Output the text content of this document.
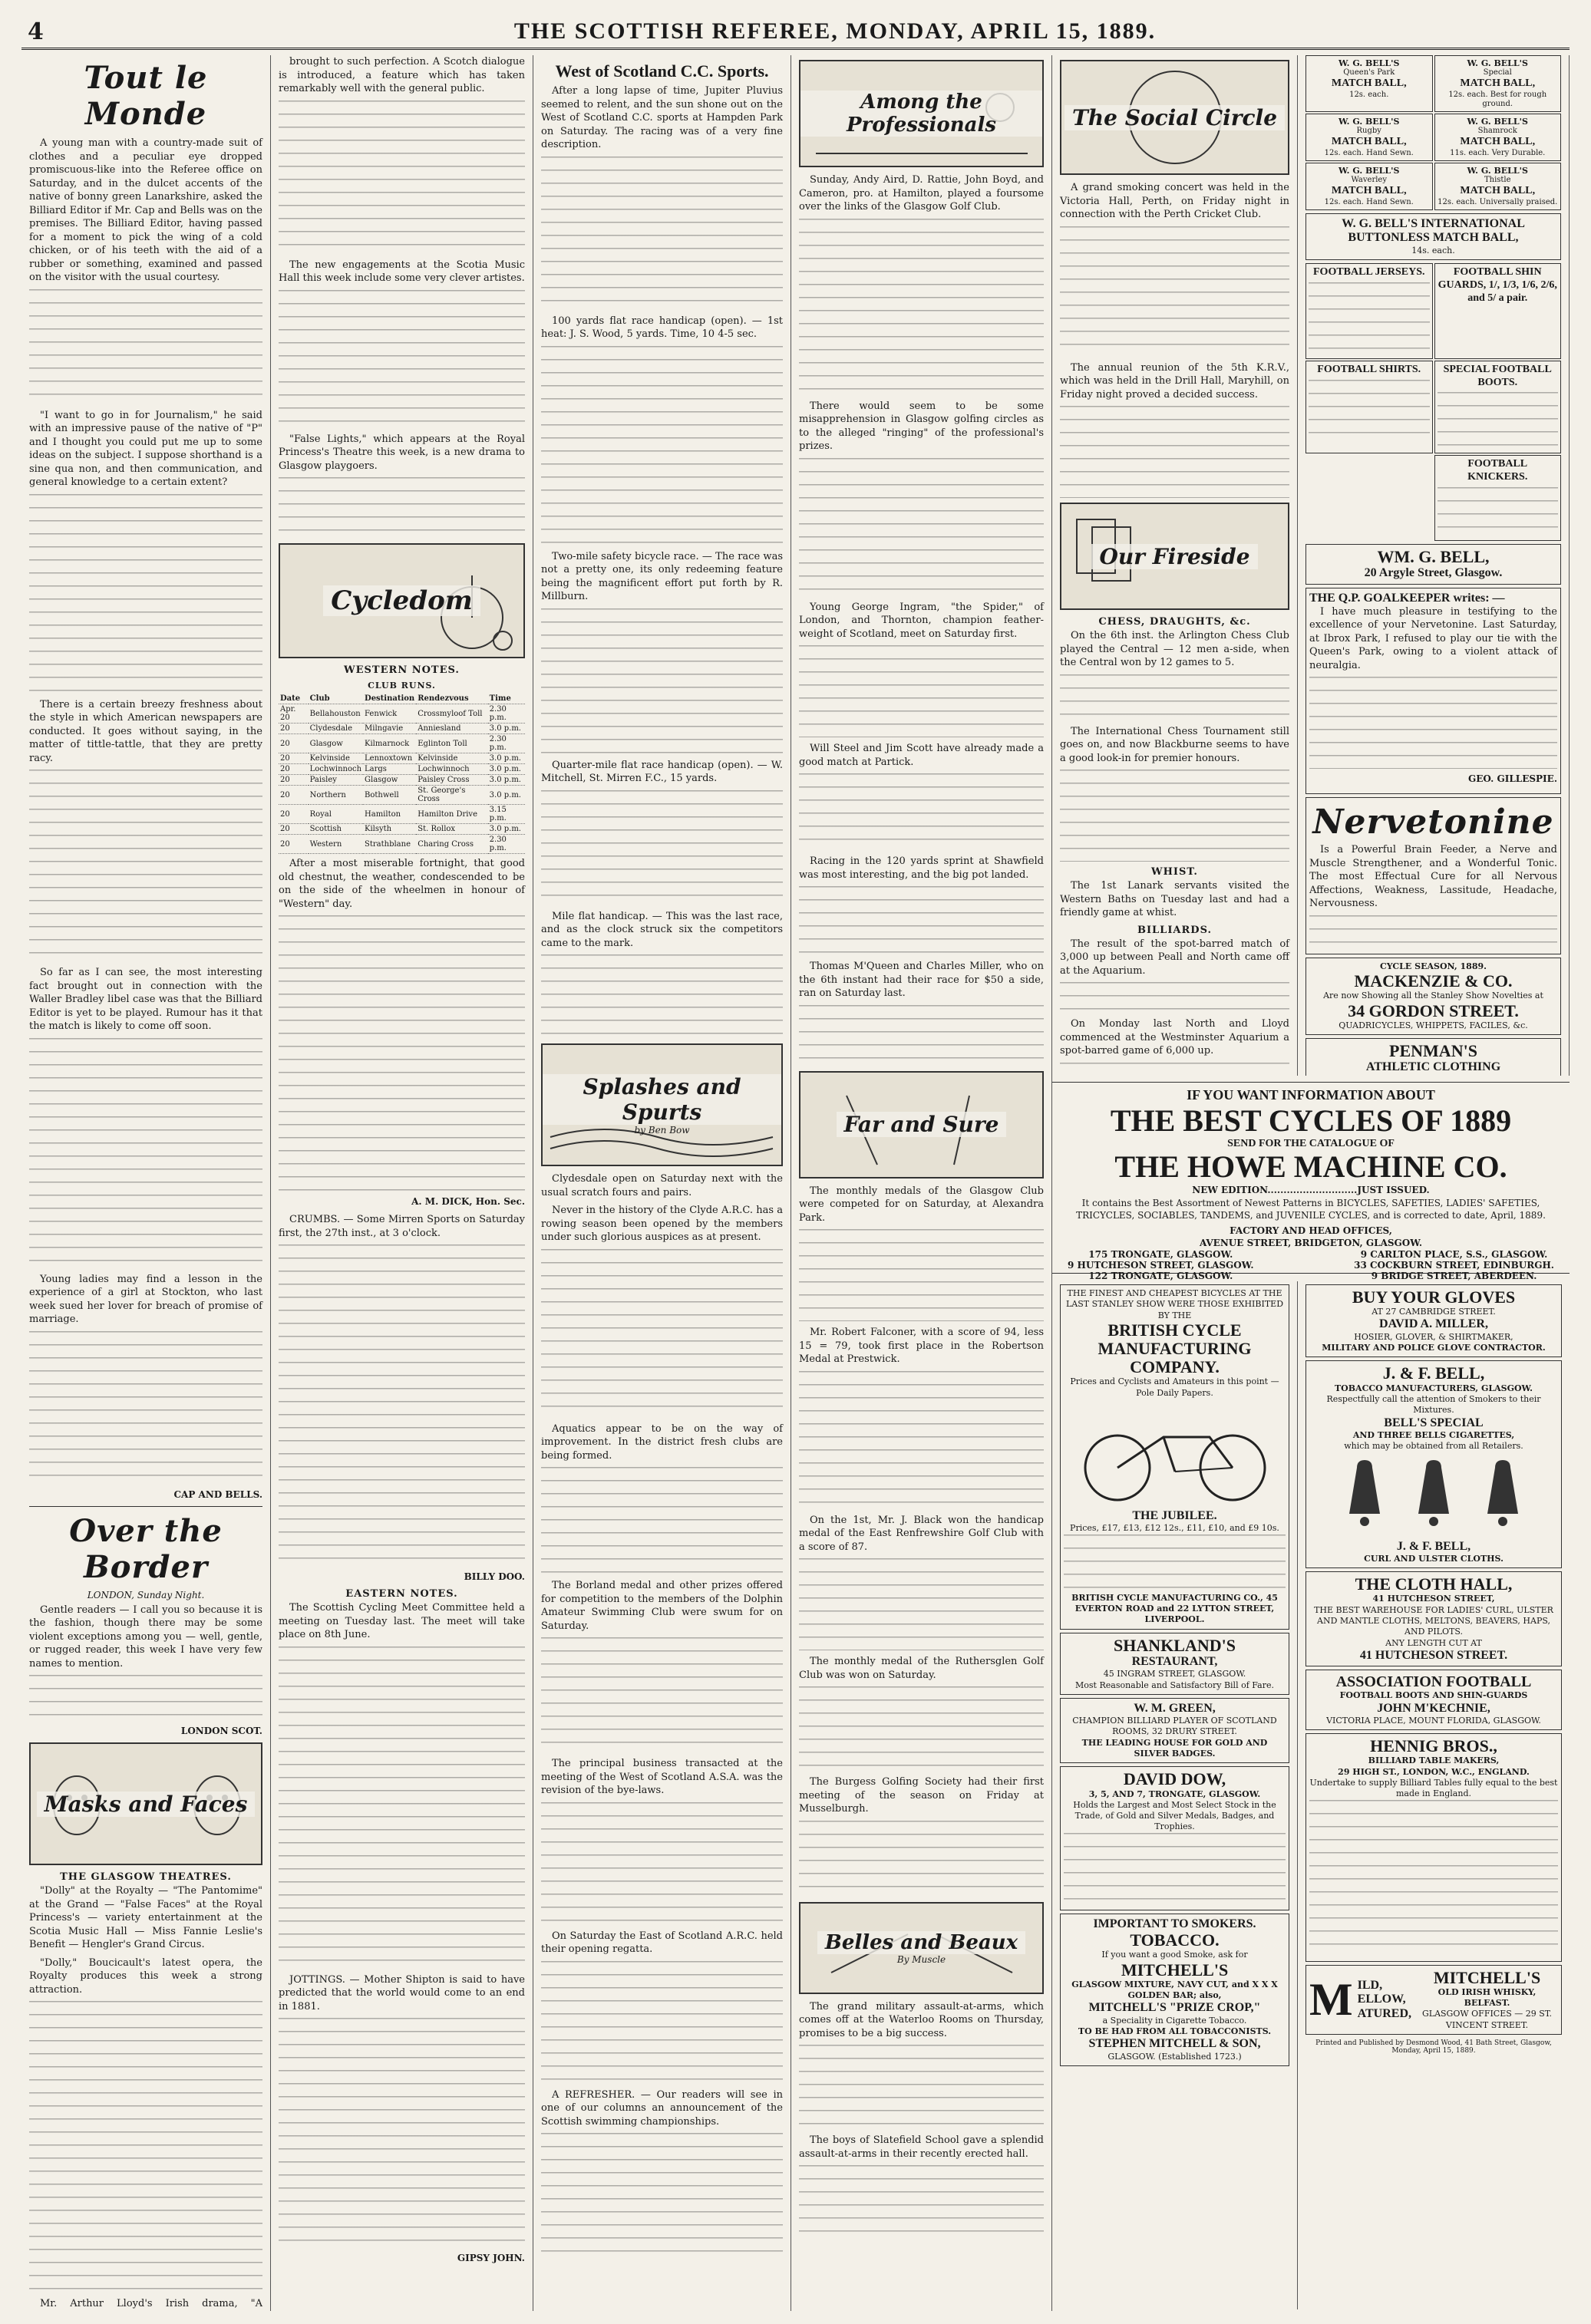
4	THE SCOTTISH REFEREE, MONDAY, APRIL 15, 1889.
Tout le Monde

A young man with a country-made suit of clothes and a peculiar eye dropped promiscuous-like into the Referee office on Saturday, and in the dulcet accents of the native of bonny green Lanarkshire, asked the Billiard Editor if Mr. Cap and Bells was on the premises. The Billiard Editor, having passed for a moment to pick the wing of a cold chicken, or of his teeth with the aid of a rubber or something, examined and passed on the visitor with the usual courtesy.

"I want to go in for Journalism," he said with an impressive pause of the native of "P" and I thought you could put me up to some ideas on the subject. I suppose shorthand is a sine qua non, and then communication, and general knowledge to a certain extent?

There is a certain breezy freshness about the style in which American newspapers are conducted. It goes without saying, in the matter of tittle-tattle, that they are pretty racy.

So far as I can see, the most interesting fact brought out in connection with the Waller Bradley libel case was that the Billiard Editor is yet to be played. Rumour has it that the match is likely to come off soon.

Young ladies may find a lesson in the experience of a girl at Stockton, who last week sued her lover for breach of promise of marriage.

CAP AND BELLS.
Over the Border
LONDON, Sunday Night.

Gentle readers — I call you so because it is the fashion, though there may be some violent exceptions among you — well, gentle, or rugged reader, this week I have very few names to mention.

LONDON SCOT.
Masks and Faces
THE GLASGOW THEATRES.

"Dolly" at the Royalty — "The Pantomime" at the Grand — "False Faces" at the Royal Princess's — variety entertainment at the Scotia Music Hall — Miss Fannie Leslie's Benefit — Hengler's Grand Circus.

"Dolly," Boucicault's latest opera, the Royalty produces this week a strong attraction.

Mr. Arthur Lloyd's Irish drama, "A

brought to such perfection. A Scotch dialogue is introduced, a feature which has taken remarkably well with the general public.

The new engagements at the Scotia Music Hall this week include some very clever artistes.

"False Lights," which appears at the Royal Princess's Theatre this week, is a new drama to Glasgow playgoers.

Cycledom
WESTERN NOTES.
CLUB RUNS.
Date	Club	Destination	Rendezvous	Time
Apr. 20	Bellahouston	Fenwick	Crossmyloof Toll	2.30 p.m.
20	Clydesdale	Milngavie	Anniesland	3.0 p.m.
20	Glasgow	Kilmarnock	Eglinton Toll	2.30 p.m.
20	Kelvinside	Lennoxtown	Kelvinside	3.0 p.m.
20	Lochwinnoch	Largs	Lochwinnoch	3.0 p.m.
20	Paisley	Glasgow	Paisley Cross	3.0 p.m.
20	Northern	Bothwell	St. George's Cross	3.0 p.m.
20	Royal	Hamilton	Hamilton Drive	3.15 p.m.
20	Scottish	Kilsyth	St. Rollox	3.0 p.m.
20	Western	Strathblane	Charing Cross	2.30 p.m.

After a most miserable fortnight, that good old chestnut, the weather, condescended to be on the side of the wheelmen in honour of "Western" day.

A. M. DICK, Hon. Sec.

CRUMBS. — Some Mirren Sports on Saturday first, the 27th inst., at 3 o'clock.

BILLY DOO.
EASTERN NOTES.

The Scottish Cycling Meet Committee held a meeting on Tuesday last. The meet will take place on 8th June.

JOTTINGS. — Mother Shipton is said to have predicted that the world would come to an end in 1881.

GIPSY JOHN.
West of Scotland C.C. Sports.

After a long lapse of time, Jupiter Pluvius seemed to relent, and the sun shone out on the West of Scotland C.C. sports at Hampden Park on Saturday. The racing was of a very fine description.

100 yards flat race handicap (open). — 1st heat: J. S. Wood, 5 yards. Time, 10 4-5 sec.

Two-mile safety bicycle race. — The race was not a pretty one, its only redeeming feature being the magnificent effort put forth by R. Millburn.

Quarter-mile flat race handicap (open). — W. Mitchell, St. Mirren F.C., 15 yards.

Mile flat handicap. — This was the last race, and as the clock struck six the competitors came to the mark.

Splashes and Spurts
by Ben Bow

Clydesdale open on Saturday next with the usual scratch fours and pairs.

Never in the history of the Clyde A.R.C. has a rowing season been opened by the members under such glorious auspices as at present.

Aquatics appear to be on the way of improvement. In the district fresh clubs are being formed.

The Borland medal and other prizes offered for competition to the members of the Dolphin Amateur Swimming Club were swum for on Saturday.

The principal business transacted at the meeting of the West of Scotland A.S.A. was the revision of the bye-laws.

On Saturday the East of Scotland A.R.C. held their opening regatta.

A REFRESHER. — Our readers will see in one of our columns an announcement of the Scottish swimming championships.

Among the Professionals

Sunday, Andy Aird, D. Rattie, John Boyd, and Cameron, pro. at Hamilton, played a foursome over the links of the Glasgow Golf Club.

There would seem to be some misapprehension in Glasgow golfing circles as to the alleged "ringing" of the professional's prizes.

Young George Ingram, "the Spider," of London, and Thornton, champion feather-weight of Scotland, meet on Saturday first.

Will Steel and Jim Scott have already made a good match at Partick.

Racing in the 120 yards sprint at Shawfield was most interesting, and the big pot landed.

Thomas M'Queen and Charles Miller, who on the 6th instant had their race for $50 a side, ran on Saturday last.

Far and Sure

The monthly medals of the Glasgow Club were competed for on Saturday, at Alexandra Park.

Mr. Robert Falconer, with a score of 94, less 15 = 79, took first place in the Robertson Medal at Prestwick.

On the 1st, Mr. J. Black won the handicap medal of the East Renfrewshire Golf Club with a score of 87.

The monthly medal of the Ruthersglen Golf Club was won on Saturday.

The Burgess Golfing Society had their first meeting of the season on Friday at Musselburgh.

Belles and Beaux
By Muscle

The grand military assault-at-arms, which comes off at the Waterloo Rooms on Thursday, promises to be a big success.

The boys of Slatefield School gave a splendid assault-at-arms in their recently erected hall.

The Social Circle

A grand smoking concert was held in the Victoria Hall, Perth, on Friday night in connection with the Perth Cricket Club.

The annual reunion of the 5th K.R.V., which was held in the Drill Hall, Maryhill, on Friday night proved a decided success.

Our Fireside
CHESS, DRAUGHTS, &c.

On the 6th inst. the Arlington Chess Club played the Central — 12 men a-side, when the Central won by 12 games to 5.

The International Chess Tournament still goes on, and now Blackburne seems to have a good look-in for premier honours.

WHIST.

The 1st Lanark servants visited the Western Baths on Tuesday last and had a friendly game at whist.

BILLIARDS.

The result of the spot-barred match of 3,000 up between Peall and North came off at the Aquarium.

On Monday last North and Lloyd commenced at the Westminster Aquarium a spot-barred game of 6,000 up.

W. G. BELL'S
Queen's Park
MATCH BALL,
12s. each.
W. G. BELL'S
Special
MATCH BALL,
12s. each. Best for rough ground.
W. G. BELL'S
Rugby
MATCH BALL,
12s. each. Hand Sewn.
W. G. BELL'S
Shamrock
MATCH BALL,
11s. each. Very Durable.
W. G. BELL'S
Waverley
MATCH BALL,
12s. each. Hand Sewn.
W. G. BELL'S
Thistle
MATCH BALL,
12s. each. Universally praised.
W. G. BELL'S INTERNATIONAL BUTTONLESS MATCH BALL,
14s. each.
FOOTBALL JERSEYS.	FOOTBALL SHIN GUARDS, 1/, 1/3, 1/6, 2/6, and 5/ a pair.
FOOTBALL SHIRTS.	SPECIAL FOOTBALL BOOTS.
FOOTBALL KNICKERS.
WM. G. BELL,
20 Argyle Street, Glasgow.
THE Q.P. GOALKEEPER writes: —

I have much pleasure in testifying to the excellence of your Nervetonine. Last Saturday, at Ibrox Park, I refused to play our tie with the Queen's Park, owing to a violent attack of neuralgia.

GEO. GILLESPIE.
Nervetonine

Is a Powerful Brain Feeder, a Nerve and Muscle Strengthener, and a Wonderful Tonic. The most Effectual Cure for all Nervous Affections, Weakness, Lassitude, Headache, Nervousness.

CYCLE SEASON, 1889.
MACKENZIE & CO.
Are now Showing all the Stanley Show Novelties at
34 GORDON STREET.
QUADRICYCLES, WHIPPETS, FACILES, &c.
PENMAN'S
ATHLETIC CLOTHING
IF YOU WANT INFORMATION ABOUT
THE BEST CYCLES OF 1889
SEND FOR THE CATALOGUE OF
THE HOWE MACHINE CO.
NEW EDITION............................JUST ISSUED.
It contains the Best Assortment of Newest Patterns in BICYCLES, SAFETIES, LADIES' SAFETIES, TRICYCLES, SOCIABLES, TANDEMS, and JUVENILE CYCLES, and is corrected to date, April, 1889.
FACTORY AND HEAD OFFICES,
AVENUE STREET, BRIDGETON, GLASGOW.
175 TRONGATE, GLASGOW.
9 HUTCHESON STREET, GLASGOW.
122 TRONGATE, GLASGOW.
9 CARLTON PLACE, S.S., GLASGOW.
33 COCKBURN STREET, EDINBURGH.
9 BRIDGE STREET, ABERDEEN.
THE FINEST AND CHEAPEST BICYCLES AT THE LAST STANLEY SHOW WERE THOSE EXHIBITED BY THE
BRITISH CYCLE MANUFACTURING COMPANY.
Prices and Cyclists and Amateurs in this point — Pole Daily Papers.
THE JUBILEE.
Prices, £17, £13, £12 12s., £11, £10, and £9 10s.
BRITISH CYCLE MANUFACTURING CO., 45 EVERTON ROAD and 22 LYTTON STREET, LIVERPOOL.
SHANKLAND'S
RESTAURANT,
45 INGRAM STREET, GLASGOW.
Most Reasonable and Satisfactory Bill of Fare.
W. M. GREEN,
CHAMPION BILLIARD PLAYER OF SCOTLAND
ROOMS, 32 DRURY STREET.
THE LEADING HOUSE FOR GOLD AND SILVER BADGES.
DAVID DOW,
3, 5, AND 7, TRONGATE, GLASGOW.
Holds the Largest and Most Select Stock in the Trade, of Gold and Silver Medals, Badges, and Trophies.
IMPORTANT TO SMOKERS.
TOBACCO.
If you want a good Smoke, ask for
MITCHELL'S
GLASGOW MIXTURE, NAVY CUT, and X X X GOLDEN BAR; also,
MITCHELL'S "PRIZE CROP,"
a Speciality in Cigarette Tobacco.
TO BE HAD FROM ALL TOBACCONISTS.
STEPHEN MITCHELL & SON,
GLASGOW. (Established 1723.)
BUY YOUR GLOVES
AT 27 CAMBRIDGE STREET.
DAVID A. MILLER,
HOSIER, GLOVER, & SHIRTMAKER,
MILITARY AND POLICE GLOVE CONTRACTOR.
J. & F. BELL,
TOBACCO MANUFACTURERS, GLASGOW.
Respectfully call the attention of Smokers to their Mixtures.
BELL'S SPECIAL
AND THREE BELLS CIGARETTES,
which may be obtained from all Retailers.
J. & F. BELL,
CURL AND ULSTER CLOTHS.
THE CLOTH HALL,
41 HUTCHESON STREET,
THE BEST WAREHOUSE FOR LADIES' CURL, ULSTER AND MANTLE CLOTHS, MELTONS, BEAVERS, HAPS, AND PILOTS.
ANY LENGTH CUT AT
41 HUTCHESON STREET.
ASSOCIATION FOOTBALL
FOOTBALL BOOTS AND SHIN-GUARDS
JOHN M'KECHNIE,
VICTORIA PLACE, MOUNT FLORIDA, GLASGOW.
HENNIG BROS.,
BILLIARD TABLE MAKERS,
29 HIGH ST., LONDON, W.C., ENGLAND.
Undertake to supply Billiard Tables fully equal to the best made in England.
M ILD,
ELLOW,
ATURED,
MITCHELL'S
OLD IRISH WHISKY, BELFAST.
GLASGOW OFFICES — 29 ST. VINCENT STREET.
Printed and Published by Desmond Wood, 41 Bath Street, Glasgow, Monday, April 15, 1889.
